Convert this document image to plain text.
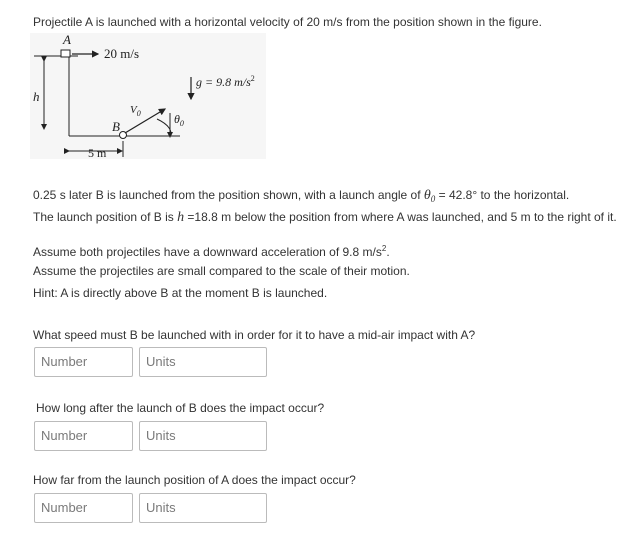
Projectile A is launched with a horizontal velocity of 20 m/s from the position shown in the figure.
A
20 m/s
h
B
$V_0$	$\theta_0$
g = 9.8 $m/s^2$
5 m
0.25 s later B is launched from the position shown, with a launch angle of $\theta_0 = 42.8^\circ$ to the horizontal.
The launch position of B is h =18.8 m below the position from where A was launched, and 5 m to the right of it.
Assume both projectiles have a downward acceleration of 9.8 $m/s^2$.
Assume the projectiles are small compared to the scale of their motion.
Hint: A is directly above B at the moment B is launched.
What speed must B be launched with in order for it to have a mid-air impact with A?
Number	Units
How long after the launch of B does the impact occur?
Number	Units
How far from the launch position of A does the impact occur?
Number	Units
